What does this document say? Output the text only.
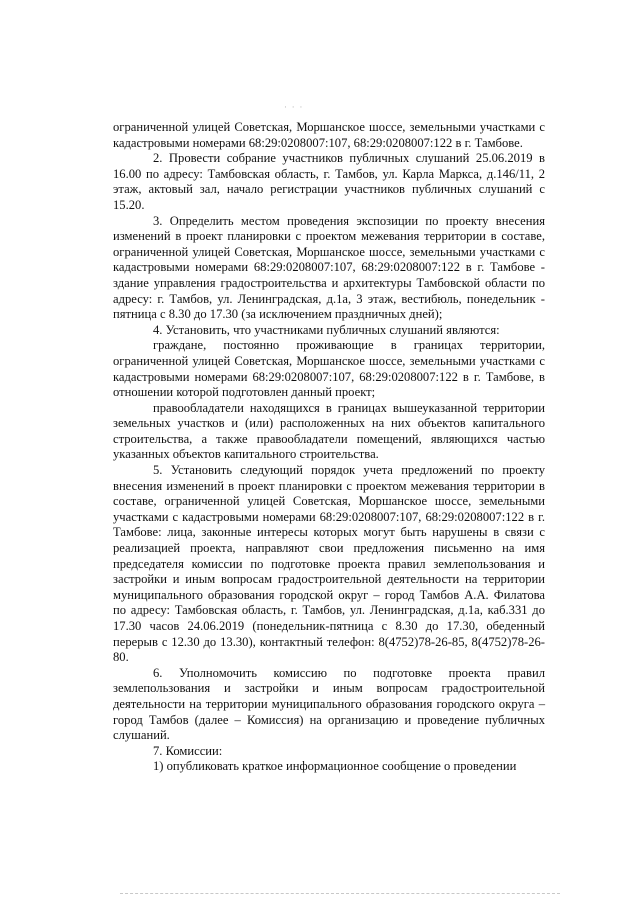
· · ·

ограниченной улицей Советская, Моршанское шоссе, земельными участками с кадастровыми номерами 68:29:0208007:107, 68:29:0208007:122 в г. Тамбове.

2. Провести собрание участников публичных слушаний 25.06.2019 в 16.00 по адресу: Тамбовская область, г. Тамбов, ул. Карла Маркса, д.146/11, 2 этаж, актовый зал, начало регистрации участников публичных слушаний с 15.20.

3. Определить местом проведения экспозиции по проекту внесения изменений в проект планировки с проектом межевания территории в составе, ограниченной улицей Советская, Моршанское шоссе, земельными участками с кадастровыми номерами 68:29:0208007:107, 68:29:0208007:122 в г. Тамбове - здание управления градостроительства и архитектуры Тамбовской области по адресу: г. Тамбов, ул. Ленинградская, д.1а, 3 этаж, вестибюль, понедельник - пятница с 8.30 до 17.30 (за исключением праздничных дней);

4. Установить, что участниками публичных слушаний являются:

граждане, постоянно проживающие в границах территории, ограниченной улицей Советская, Моршанское шоссе, земельными участками с кадастровыми номерами 68:29:0208007:107, 68:29:0208007:122 в г. Тамбове, в отношении которой подготовлен данный проект;

правообладатели находящихся в границах вышеуказанной территории земельных участков и (или) расположенных на них объектов капитального строительства, а также правообладатели помещений, являющихся частью указанных объектов капитального строительства.

5. Установить следующий порядок учета предложений по проекту внесения изменений в проект планировки с проектом межевания территории в составе, ограниченной улицей Советская, Моршанское шоссе, земельными участками с кадастровыми номерами 68:29:0208007:107, 68:29:0208007:122 в г. Тамбове: лица, законные интересы которых могут быть нарушены в связи с реализацией проекта, направляют свои предложения письменно на имя председателя комиссии по подготовке проекта правил землепользования и застройки и иным вопросам градостроительной деятельности на территории муниципального образования городской округ – город Тамбов А.А. Филатова по адресу: Тамбовская область, г. Тамбов, ул. Ленинградская, д.1а, каб.331 до 17.30 часов 24.06.2019 (понедельник-пятница с 8.30 до 17.30, обеденный перерыв с 12.30 до 13.30), контактный телефон: 8(4752)78-26-85, 8(4752)78-26-80.

6. Уполномочить комиссию по подготовке проекта правил землепользования и застройки и иным вопросам градостроительной деятельности на территории муниципального образования городского округа – город Тамбов (далее – Комиссия) на организацию и проведение публичных слушаний.

7. Комиссии:

1) опубликовать краткое информационное сообщение о проведении
